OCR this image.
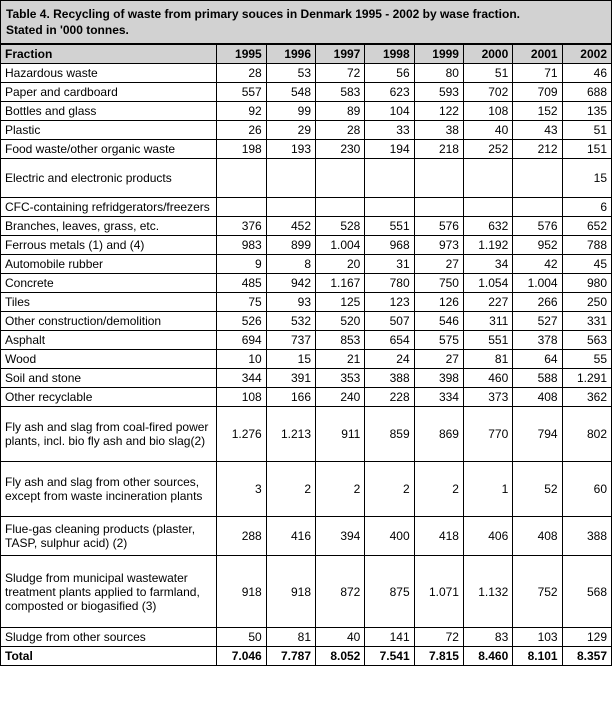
Table 4. Recycling of waste from primary souces in Denmark 1995 - 2002 by wase fraction.
Stated in '000 tonnes.
Fraction	1995	1996	1997	1998	1999	2000	2001	2002
Hazardous waste	28	53	72	56	80	51	71	46
Paper and cardboard	557	548	583	623	593	702	709	688
Bottles and glass	92	99	89	104	122	108	152	135
Plastic	26	29	28	33	38	40	43	51
Food waste/other organic waste	198	193	230	194	218	252	212	151
Electric and electronic products								15
CFC-containing refridgerators/freezers								6
Branches, leaves, grass, etc.	376	452	528	551	576	632	576	652
Ferrous metals (1) and (4)	983	899	1.004	968	973	1.192	952	788
Automobile rubber	9	8	20	31	27	34	42	45
Concrete	485	942	1.167	780	750	1.054	1.004	980
Tiles	75	93	125	123	126	227	266	250
Other construction/demolition	526	532	520	507	546	311	527	331
Asphalt	694	737	853	654	575	551	378	563
Wood	10	15	21	24	27	81	64	55
Soil and stone	344	391	353	388	398	460	588	1.291
Other recyclable	108	166	240	228	334	373	408	362
Fly ash and slag from coal-fired power plants, incl. bio fly ash and bio slag(2)	1.276	1.213	911	859	869	770	794	802
Fly ash and slag from other sources, except from waste incineration plants	3	2	2	2	2	1	52	60
Flue-gas cleaning products (plaster, TASP, sulphur acid) (2)	288	416	394	400	418	406	408	388
Sludge from municipal wastewater treatment plants applied to farmland, composted or biogasified (3)	918	918	872	875	1.071	1.132	752	568
Sludge from other sources	50	81	40	141	72	83	103	129
Total	7.046	7.787	8.052	7.541	7.815	8.460	8.101	8.357
